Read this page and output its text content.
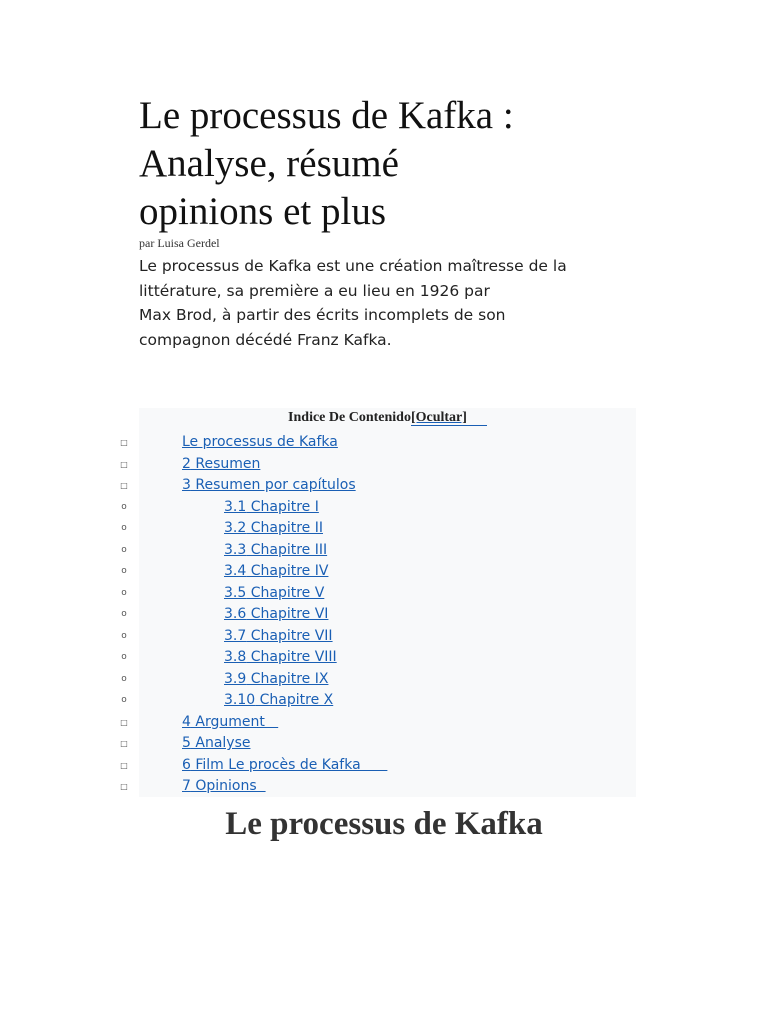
Le processus de Kafka :
Analyse, résumé
opinions et plus
par Luisa Gerdel

Le processus de Kafka est une création maîtresse de la
littérature, sa première a eu lieu en 1926 par
Max Brod, à partir des écrits incomplets de son
compagnon décédé Franz Kafka.

Indice De Contenido[Ocultar]
□	Le processus de Kafka
□	2 Resumen
□	3 Resumen por capítulos
o	3.1 Chapitre I
o	3.2 Chapitre II
o	3.3 Chapitre III
o	3.4 Chapitre IV
o	3.5 Chapitre V
o	3.6 Chapitre VI
o	3.7 Chapitre VII
o	3.8 Chapitre VIII
o	3.9 Chapitre IX
o	3.10 Chapitre X
□	4 Argument
□	5 Analyse
□	6 Film Le procès de Kafka
□	7 Opinions
Le processus de Kafka
